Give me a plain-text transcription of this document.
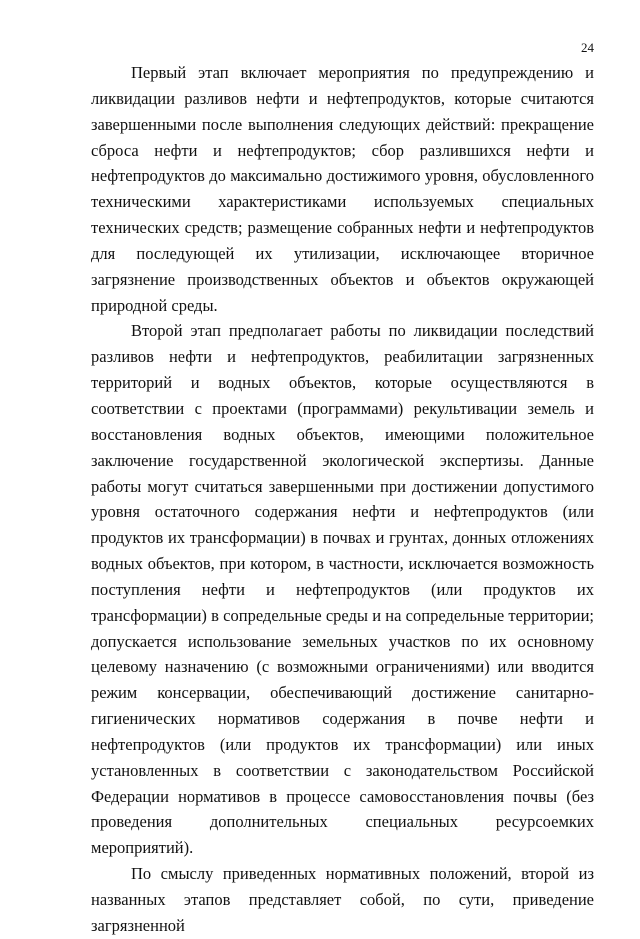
24

Первый этап включает мероприятия по предупреждению и ликвидации разливов нефти и нефтепродуктов, которые считаются завершенными после выполнения следующих действий: прекращение сброса нефти и нефтепродуктов; сбор разлившихся нефти и нефтепродуктов до максимально достижимого уровня, обусловленного техническими характеристиками используемых специальных технических средств; размещение собранных нефти и нефтепродуктов для последующей их утилизации, исключающее вторичное загрязнение производственных объектов и объектов окружающей природной среды.

Второй этап предполагает работы по ликвидации последствий разливов нефти и нефтепродуктов, реабилитации загрязненных территорий и водных объектов, которые осуществляются в соответствии с проектами (программами) рекультивации земель и восстановления водных объектов, имеющими положительное заключение государственной экологической экспертизы. Данные работы могут считаться завершенными при достижении допустимого уровня остаточного содержания нефти и нефтепродуктов (или продуктов их трансформации) в почвах и грунтах, донных отложениях водных объектов, при котором, в частности, исключается возможность поступления нефти и нефтепродуктов (или продуктов их трансформации) в сопредельные среды и на сопредельные территории; допускается использование земельных участков по их основному целевому назначению (с возможными ограничениями) или вводится режим консервации, обеспечивающий достижение санитарно-гигиенических нормативов содержания в почве нефти и нефтепродуктов (или продуктов их трансформации) или иных установленных в соответствии с законодательством Российской Федерации нормативов в процессе самовосстановления почвы (без проведения дополнительных специальных ресурсоемких мероприятий).

По смыслу приведенных нормативных положений, второй из названных этапов представляет собой, по сути, приведение загрязненной
